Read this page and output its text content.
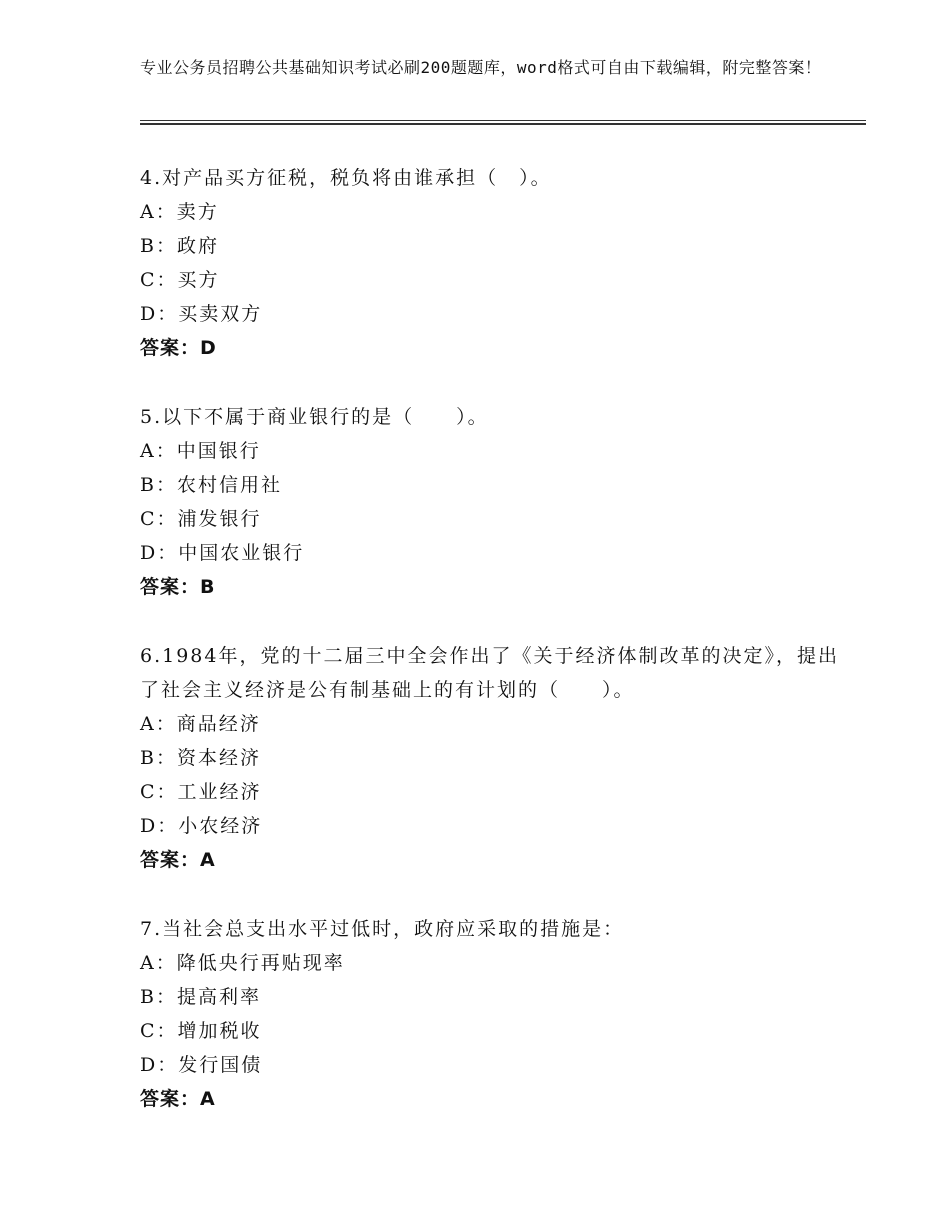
专业公务员招聘公共基础知识考试必刷200题题库，word格式可自由下载编辑，附完整答案！
4.对产品买方征税，税负将由谁承担（　）。
A：卖方
B：政府
C：买方
D：买卖双方
答案：D
5.以下不属于商业银行的是（　　）。
A：中国银行
B：农村信用社
C：浦发银行
D：中国农业银行
答案：B
6.1984年，党的十二届三中全会作出了《关于经济体制改革的决定》，提出了社会主义经济是公有制基础上的有计划的（　　）。
A：商品经济
B：资本经济
C：工业经济
D：小农经济
答案：A
7.当社会总支出水平过低时，政府应采取的措施是：
A：降低央行再贴现率
B：提高利率
C：增加税收
D：发行国债
答案：A
